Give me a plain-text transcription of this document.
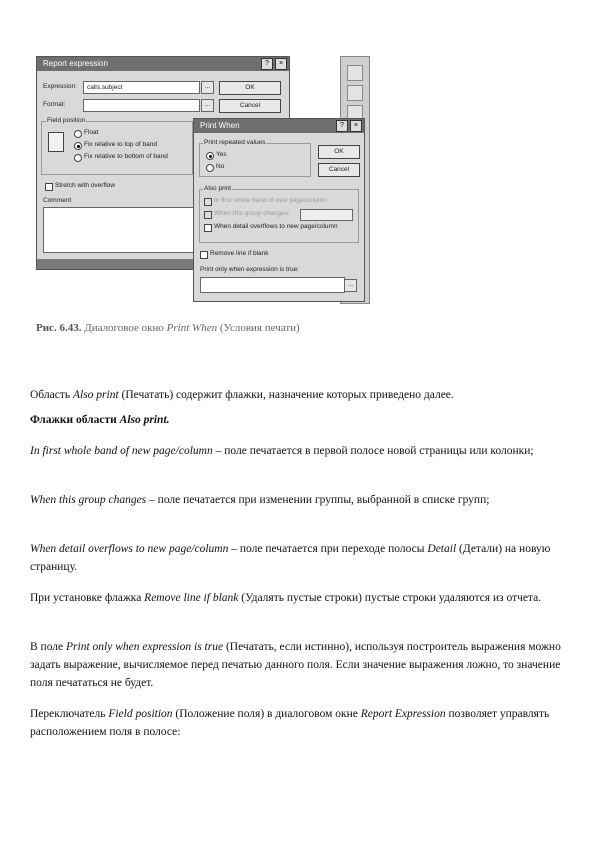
Report expression	?	×
Expression:	calls.subject	...	OK
Format:	...	Cancel
Field position
Float
Fix relative to top of band
Fix relative to bottom of band
Stretch with overflow
Comment
Print When	?	×
Print repeated values
Yes
No
OK
Cancel
Also print
In first whole band of new page/column
When this group changes:
When detail overflows to new page/column
Remove line if blank
Print only when expression is true:
...
Рис. 6.43. Диалоговое окно Print When (Условия печати)

Область Also print (Печатать) содержит флажки, назначение которых приведено далее.

Флажки области Also print.

In first whole band of new page/column – поле печатается в первой полосе новой страницы или колонки;

When this group changes – поле печатается при изменении группы, выбранной в списке групп;

When detail overflows to new page/column – поле печатается при переходе полосы Detail (Детали) на новую страницу.

При установке флажка Remove line if blank (Удалять пустые строки) пустые строки удаляются из отчета.

В поле Print only when expression is true (Печатать, если истинно), используя построитель выражения можно задать выражение, вычисляемое перед печатью данного поля. Если значение выражения ложно, то значение поля печататься не будет.

Переключатель Field position (Положение поля) в диалоговом окне Report Expression позволяет управлять расположением поля в полосе:
